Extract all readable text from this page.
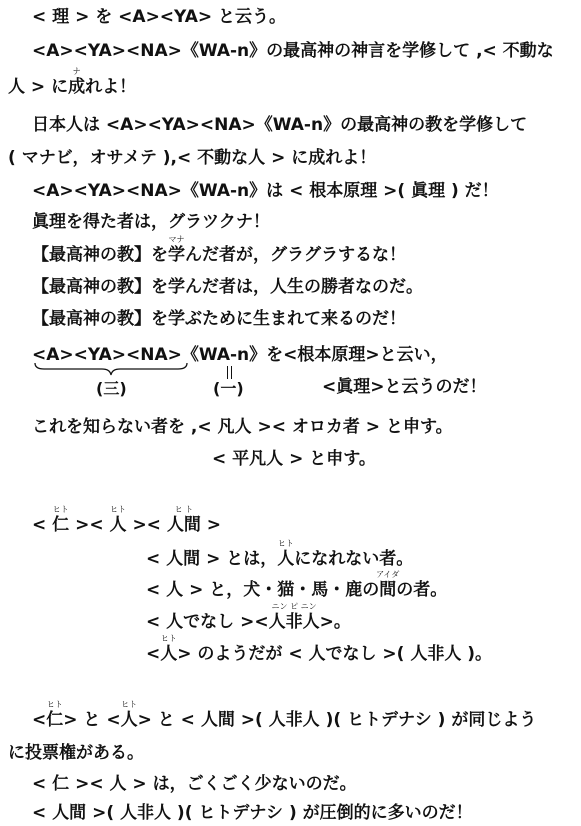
< 理 > を <A><YA> と云う。
<A><YA><NA>《WA-n》の最高神の神言を学修して ,< 不動な
人 > に成
ナ
れよ！
日本人は <A><YA><NA>《WA-n》の最高神の教を学修して
( マナビ，オサメテ ),< 不動な人 > に成れよ！
<A><YA><NA>《WA-n》は < 根本原理 >( 眞理 ) だ！
眞理を得た者は，グラツクナ！
【最高神の教】を学
マナ
んだ者が，グラグラするな！
【最高神の教】を学んだ者は，人生の勝者なのだ。
【最高神の教】を学ぶために生まれて来るのだ！
<A><YA><NA>《WA-n》を<根本原理>と云い，
(三)	(一)	<眞理>と云うのだ！
これを知らない者を ,< 凡人 >< オロカ者 > と申す。
< 平凡人 > と申す。
< 仁
ヒト
>< 人
ヒト
>< 人間
ヒ ト
>
< 人間 > とは，人
ヒト
になれない者。
< 人 > と，犬・猫・馬・鹿の間
アイダ
の者。
< 人でなし ><人非人
ニン ピ ニン
>。
<人
ヒト
> のようだが < 人でなし >( 人非人 )。
<仁
ヒト
> と <人
ヒト
> と < 人間 >( 人非人 )( ヒトデナシ ) が同じよう
に投票権がある。
< 仁 >< 人 > は，ごくごく少ないのだ。
< 人間 >( 人非人 )( ヒトデナシ ) が圧倒的に多いのだ！
